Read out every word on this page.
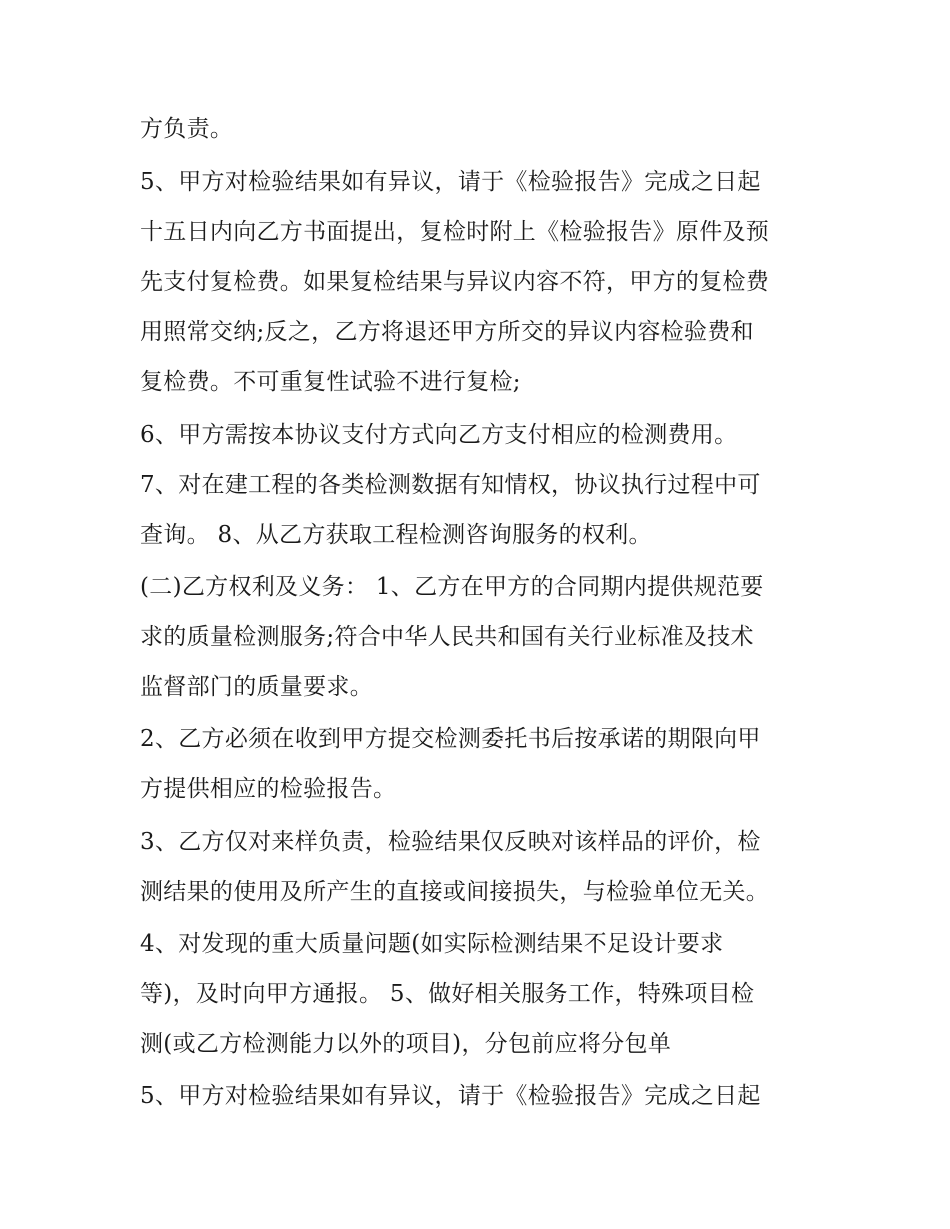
方负责。
5、甲方对检验结果如有异议，请于《检验报告》完成之日起
十五日内向乙方书面提出，复检时附上《检验报告》原件及预
先支付复检费。如果复检结果与异议内容不符，甲方的复检费
用照常交纳;反之，乙方将退还甲方所交的异议内容检验费和
复检费。不可重复性试验不进行复检;
6、甲方需按本协议支付方式向乙方支付相应的检测费用。
7、对在建工程的各类检测数据有知情权，协议执行过程中可
查询。 8、从乙方获取工程检测咨询服务的权利。
(二)乙方权利及义务： 1、乙方在甲方的合同期内提供规范要
求的质量检测服务;符合中华人民共和国有关行业标准及技术
监督部门的质量要求。
2、乙方必须在收到甲方提交检测委托书后按承诺的期限向甲
方提供相应的检验报告。
3、乙方仅对来样负责，检验结果仅反映对该样品的评价，检
测结果的使用及所产生的直接或间接损失，与检验单位无关。
4、对发现的重大质量问题(如实际检测结果不足设计要求
等)，及时向甲方通报。 5、做好相关服务工作，特殊项目检
测(或乙方检测能力以外的项目)，分包前应将分包单
5、甲方对检验结果如有异议，请于《检验报告》完成之日起
